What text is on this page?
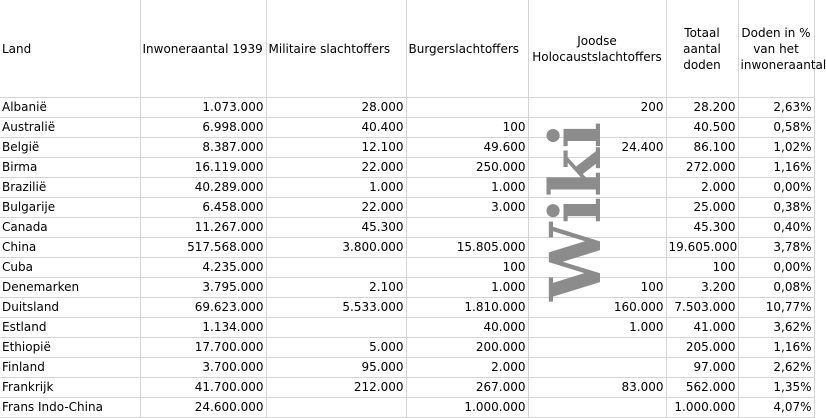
Land	Inwoneraantal 1939	Militaire slachtoffers	Burgerslachtoffers	Joodse Holocaustslachtoffers	Totaal aantal doden	Doden in % van het inwoneraantal
Albanië	1.073.000	28.000		200	28.200	2,63%
Australië	6.998.000	40.400	100		40.500	0,58%
België	8.387.000	12.100	49.600	24.400	86.100	1,02%
Birma	16.119.000	22.000	250.000		272.000	1,16%
Brazilië	40.289.000	1.000	1.000		2.000	0,00%
Bulgarije	6.458.000	22.000	3.000		25.000	0,38%
Canada	11.267.000	45.300			45.300	0,40%
China	517.568.000	3.800.000	15.805.000		19.605.000	3,78%
Cuba	4.235.000		100		100	0,00%
Denemarken	3.795.000	2.100	1.000	100	3.200	0,08%
Duitsland	69.623.000	5.533.000	1.810.000	160.000	7.503.000	10,77%
Estland	1.134.000		40.000	1.000	41.000	3,62%
Ethiopië	17.700.000	5.000	200.000		205.000	1,16%
Finland	3.700.000	95.000	2.000		97.000	2,62%
Frankrijk	41.700.000	212.000	267.000	83.000	562.000	1,35%
Frans Indo-China	24.600.000		1.000.000		1.000.000	4,07%
Wiki
